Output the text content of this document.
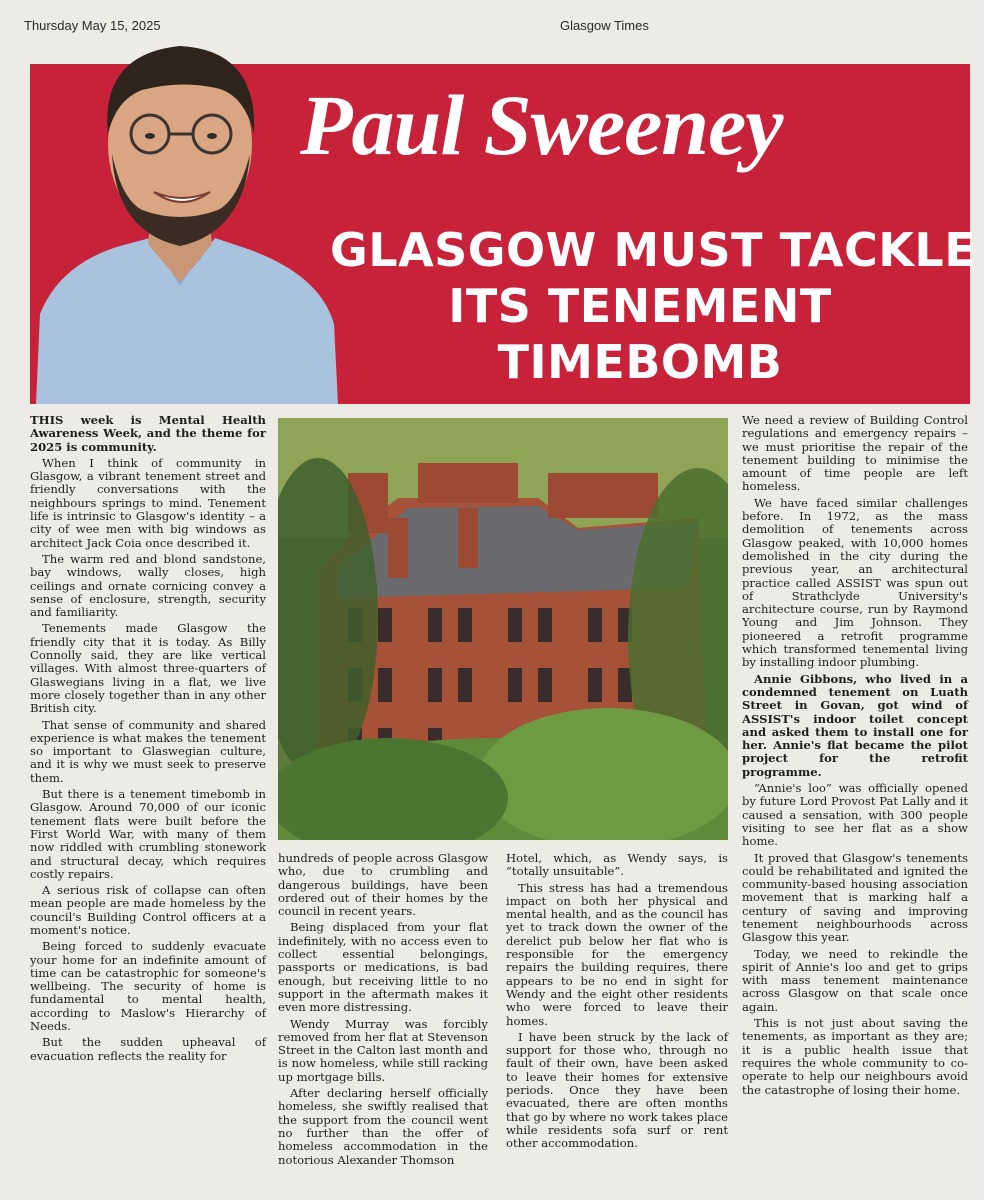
Thursday May 15, 2025	Glasgow Times
Paul Sweeney
GLASGOW MUST TACKLE
ITS TENEMENT
TIMEBOMB

THIS week is Mental Health Awareness Week, and the theme for 2025 is community.

When I think of community in Glasgow, a vibrant tenement street and friendly conversations with the neighbours springs to mind. Tenement life is intrinsic to Glasgow's identity – a city of wee men with big windows as architect Jack Coia once described it.

The warm red and blond sandstone, bay windows, wally closes, high ceilings and ornate cornicing convey a sense of enclosure, strength, security and familiarity.

Tenements made Glasgow the friendly city that it is today. As Billy Connolly said, they are like vertical villages. With almost three-quarters of Glaswegians living in a flat, we live more closely together than in any other British city.

That sense of community and shared experience is what makes the tenement so important to Glaswegian culture, and it is why we must seek to preserve them.

But there is a tenement timebomb in Glasgow. Around 70,000 of our iconic tenement flats were built before the First World War, with many of them now riddled with crumbling stonework and structural decay, which requires costly repairs.

A serious risk of collapse can often mean people are made homeless by the council's Building Control officers at a moment's notice.

Being forced to suddenly evacuate your home for an indefinite amount of time can be catastrophic for someone's wellbeing. The security of home is fundamental to mental health, according to Maslow's Hierarchy of Needs.

But the sudden upheaval of evacuation reflects the reality for

hundreds of people across Glasgow who, due to crumbling and dangerous buildings, have been ordered out of their homes by the council in recent years.

Being displaced from your flat indefinitely, with no access even to collect essential belongings, passports or medications, is bad enough, but receiving little to no support in the aftermath makes it even more distressing.

Wendy Murray was forcibly removed from her flat at Stevenson Street in the Calton last month and is now homeless, while still racking up mortgage bills.

After declaring herself officially homeless, she swiftly realised that the support from the council went no further than the offer of homeless accommodation in the notorious Alexander Thomson

Hotel, which, as Wendy says, is “totally unsuitable”.

This stress has had a tremendous impact on both her physical and mental health, and as the council has yet to track down the owner of the derelict pub below her flat who is responsible for the emergency repairs the building requires, there appears to be no end in sight for Wendy and the eight other residents who were forced to leave their homes.

I have been struck by the lack of support for those who, through no fault of their own, have been asked to leave their homes for extensive periods. Once they have been evacuated, there are often months that go by where no work takes place while residents sofa surf or rent other accommodation.

We need a review of Building Control regulations and emergency repairs – we must prioritise the repair of the tenement building to minimise the amount of time people are left homeless.

We have faced similar challenges before. In 1972, as the mass demolition of tenements across Glasgow peaked, with 10,000 homes demolished in the city during the previous year, an architectural practice called ASSIST was spun out of Strathclyde University's architecture course, run by Raymond Young and Jim Johnson. They pioneered a retrofit programme which transformed tenemental living by installing indoor plumbing.

Annie Gibbons, who lived in a condemned tenement on Luath Street in Govan, got wind of ASSIST's indoor toilet concept and asked them to install one for her. Annie's flat became the pilot project for the retrofit programme.

“Annie's loo” was officially opened by future Lord Provost Pat Lally and it caused a sensation, with 300 people visiting to see her flat as a show home.

It proved that Glasgow's tenements could be rehabilitated and ignited the community-based housing association movement that is marking half a century of saving and improving tenement neighbourhoods across Glasgow this year.

Today, we need to rekindle the spirit of Annie's loo and get to grips with mass tenement maintenance across Glasgow on that scale once again.

This is not just about saving the tenements, as important as they are; it is a public health issue that requires the whole community to co-operate to help our neighbours avoid the catastrophe of losing their home.
